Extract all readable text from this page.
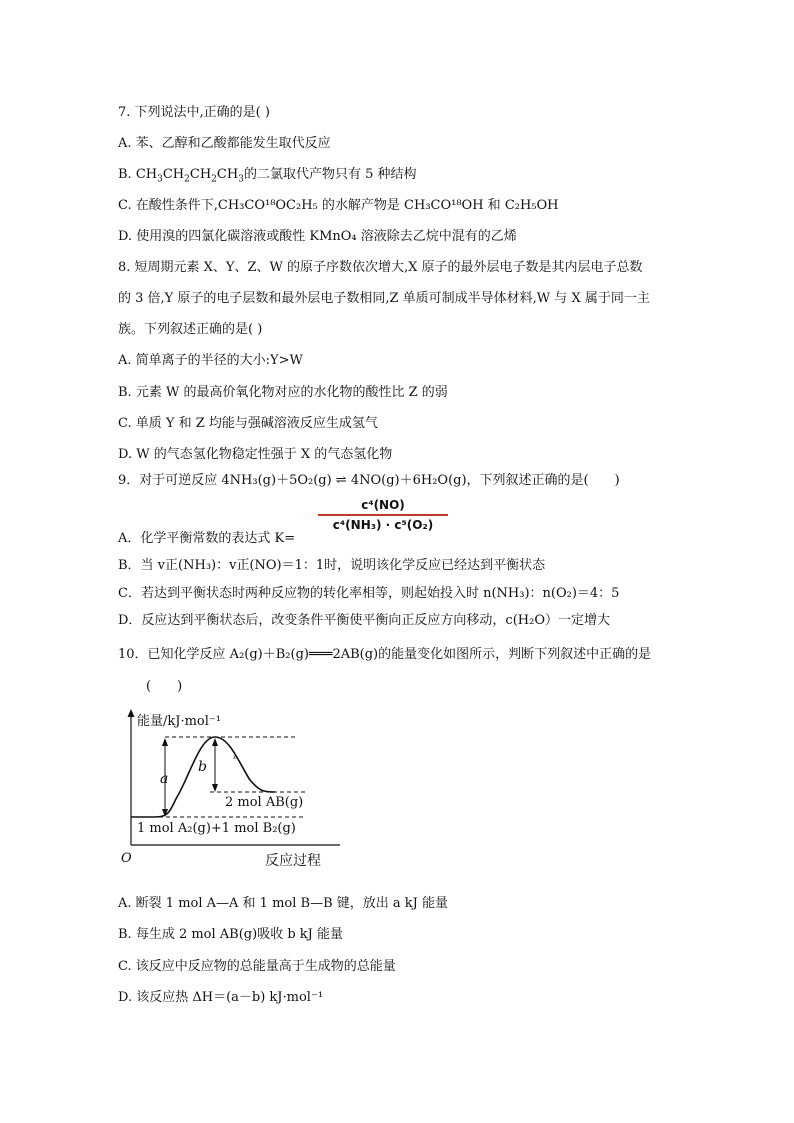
7. 下列说法中,正确的是( )
A. 苯、乙醇和乙酸都能发生取代反应
B. $CH_3CH_2CH_2CH_3$的二氯取代产物只有 5 种结构
C. 在酸性条件下,CH₃CO¹⁸OC₂H₅ 的水解产物是 CH₃CO¹⁸OH 和 C₂H₅OH
D. 使用溴的四氯化碳溶液或酸性 KMnO₄ 溶液除去乙烷中混有的乙烯
8. 短周期元素 X、Y、Z、W 的原子序数依次增大,X 原子的最外层电子数是其内层电子总数
的 3 倍,Y 原子的电子层数和最外层电子数相同,Z 单质可制成半导体材料,W 与 X 属于同一主
族。下列叙述正确的是( )
A. 简单离子的半径的大小:Y>W
B. 元素 W 的最高价氧化物对应的水化物的酸性比 Z 的弱
C. 单质 Y 和 Z 均能与强碱溶液反应生成氢气
D. W 的气态氢化物稳定性强于 X 的气态氢化物
9．对于可逆反应 4NH₃(g)＋5O₂(g) ⇌ 4NO(g)＋6H₂O(g)，下列叙述正确的是(　　)
c⁴(NO)
c⁴(NH₃) · c⁵(O₂)
A．化学平衡常数的表达式 K=
B．当 v正(NH₃)：v正(NO)＝1：1时，说明该化学反应已经达到平衡状态
C．若达到平衡状态时两种反应物的转化率相等，则起始投入时 n(NH₃)：n(O₂)＝4：5
D．反应达到平衡状态后，改变条件平衡使平衡向正反应方向移动，c(H₂O）一定增大
10．已知化学反应 A₂(g)＋B₂(g)═══2AB(g)的能量变化如图所示，判断下列叙述中正确的是
(　　)
能量/kJ·mol⁻¹
反应过程
O
a
b	ᵡ
2 mol AB(g)
1 mol A₂(g)+1 mol B₂(g)
A. 断裂 1 mol A—A 和 1 mol B—B 键，放出 a kJ 能量
B. 每生成 2 mol AB(g)吸收 b kJ 能量
C. 该反应中反应物的总能量高于生成物的总能量
D. 该反应热 ΔH＝(a－b) kJ·mol⁻¹
